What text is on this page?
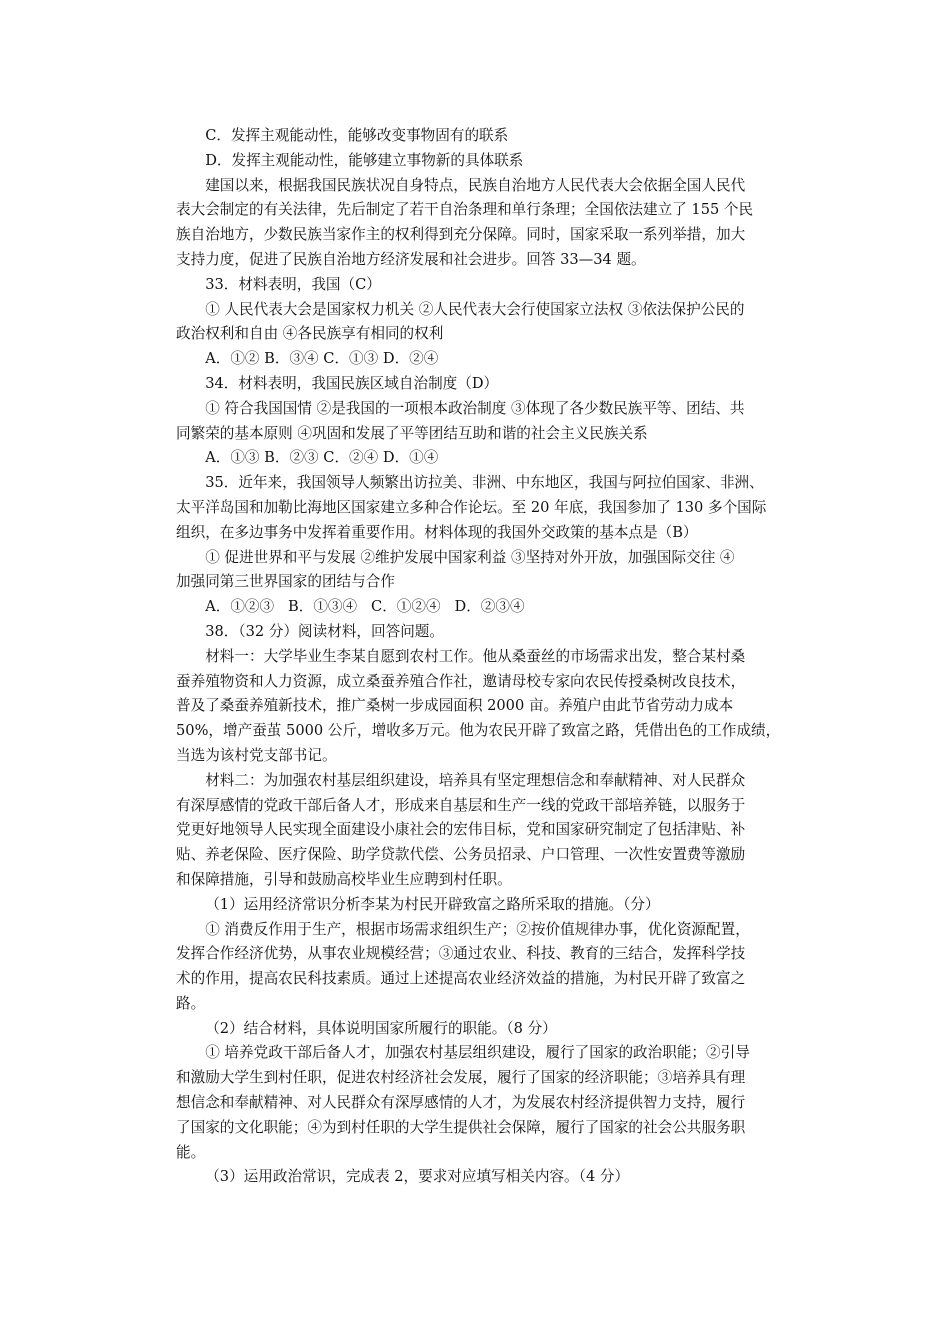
C．发挥主观能动性，能够改变事物固有的联系
D．发挥主观能动性，能够建立事物新的具体联系
建国以来，根据我国民族状况自身特点，民族自治地方人民代表大会依据全国人民代
表大会制定的有关法律，先后制定了若干自治条理和单行条理；全国依法建立了 155 个民
族自治地方，少数民族当家作主的权利得到充分保障。同时，国家采取一系列举措，加大
支持力度，促进了民族自治地方经济发展和社会进步。回答 33—34 题。
33．材料表明，我国（C）
① 人民代表大会是国家权力机关 ②人民代表大会行使国家立法权 ③依法保护公民的
政治权利和自由 ④各民族享有相同的权利
A．①② B．③④ C．①③ D．②④
34．材料表明，我国民族区域自治制度（D）
① 符合我国国情 ②是我国的一项根本政治制度 ③体现了各少数民族平等、团结、共
同繁荣的基本原则 ④巩固和发展了平等团结互助和谐的社会主义民族关系
A．①③ B．②③ C．②④ D．①④
35．近年来，我国领导人频繁出访拉美、非洲、中东地区，我国与阿拉伯国家、非洲、
太平洋岛国和加勒比海地区国家建立多种合作论坛。至 20 年底，我国参加了 130 多个国际
组织，在多边事务中发挥着重要作用。材料体现的我国外交政策的基本点是（B）
① 促进世界和平与发展 ②维护发展中国家利益 ③坚持对外开放，加强国际交往 ④
加强同第三世界国家的团结与合作
A．①②③   B．①③④   C．①②④   D．②③④
38．（32 分）阅读材料，回答问题。
材料一：大学毕业生李某自愿到农村工作。他从桑蚕丝的市场需求出发，整合某村桑
蚕养殖物资和人力资源，成立桑蚕养殖合作社，邀请母校专家向农民传授桑树改良技术，
普及了桑蚕养殖新技术，推广桑树一步成园面积 2000 亩。养殖户由此节省劳动力成本
50%，增产蚕茧 5000 公斤，增收多万元。他为农民开辟了致富之路，凭借出色的工作成绩，
当选为该村党支部书记。
材料二：为加强农村基层组织建设，培养具有坚定理想信念和奉献精神、对人民群众
有深厚感情的党政干部后备人才，形成来自基层和生产一线的党政干部培养链，以服务于
党更好地领导人民实现全面建设小康社会的宏伟目标，党和国家研究制定了包括津贴、补
贴、养老保险、医疗保险、助学贷款代偿、公务员招录、户口管理、一次性安置费等激励
和保障措施，引导和鼓励高校毕业生应聘到村任职。
（1）运用经济常识分析李某为村民开辟致富之路所采取的措施。（分）
① 消费反作用于生产，根据市场需求组织生产；②按价值规律办事，优化资源配置，
发挥合作经济优势，从事农业规模经营；③通过农业、科技、教育的三结合，发挥科学技
术的作用，提高农民科技素质。通过上述提高农业经济效益的措施，为村民开辟了致富之
路。
（2）结合材料，具体说明国家所履行的职能。（8 分）
① 培养党政干部后备人才，加强农村基层组织建设，履行了国家的政治职能；②引导
和激励大学生到村任职，促进农村经济社会发展，履行了国家的经济职能；③培养具有理
想信念和奉献精神、对人民群众有深厚感情的人才，为发展农村经济提供智力支持，履行
了国家的文化职能；④为到村任职的大学生提供社会保障，履行了国家的社会公共服务职
能。
（3）运用政治常识，完成表 2，要求对应填写相关内容。（4 分）
